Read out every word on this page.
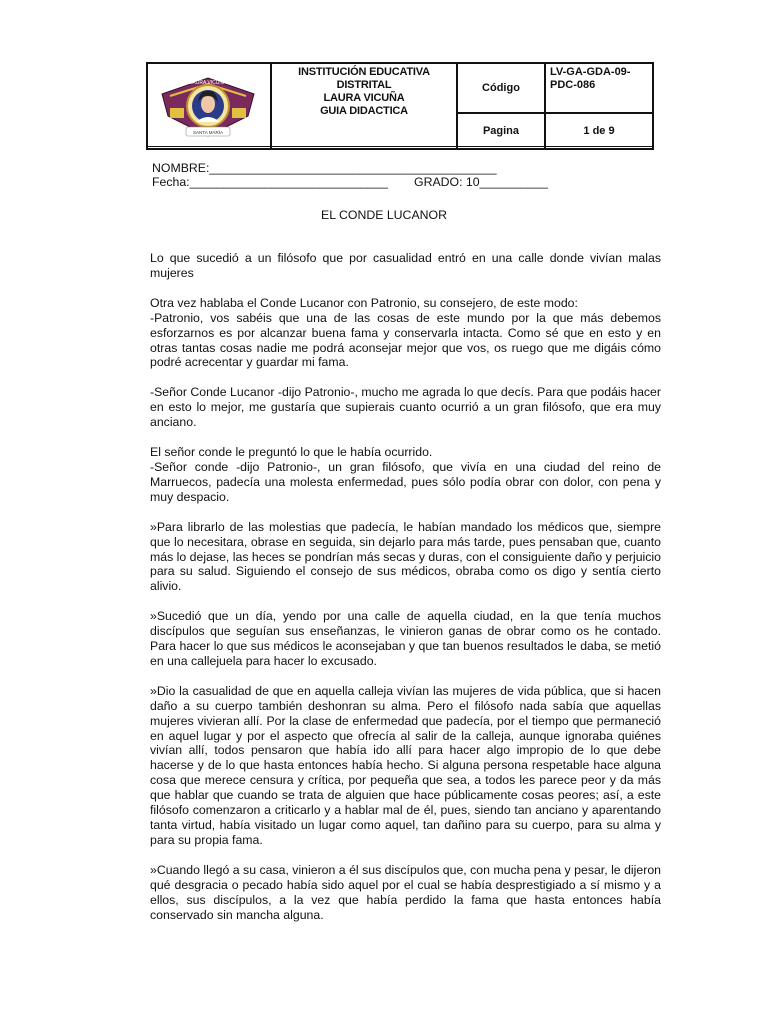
LAURA VICUÑA
SANTA MARÍA
INSTITUCIÓN EDUCATIVA
DISTRITAL
LAURA VICUÑA
GUIA DIDACTICA
Código
LV-GA-GDA-09-
PDC-086
Pagina	1 de 9
NOMBRE:__________________________________________
Fecha:_____________________________ GRADO: 10__________
EL CONDE LUCANOR

Lo que sucedió a un filósofo que por casualidad entró en una calle donde vivían malas mujeres

Otra vez hablaba el Conde Lucanor con Patronio, su consejero, de este modo:
-Patronio, vos sabéis que una de las cosas de este mundo por la que más debemos esforzarnos es por alcanzar buena fama y conservarla intacta. Como sé que en esto y en otras tantas cosas nadie me podrá aconsejar mejor que vos, os ruego que me digáis cómo podré acrecentar y guardar mi fama.

-Señor Conde Lucanor -dijo Patronio-, mucho me agrada lo que decís. Para que podáis hacer en esto lo mejor, me gustaría que supierais cuanto ocurrió a un gran filósofo, que era muy anciano.

El señor conde le preguntó lo que le había ocurrido.
-Señor conde -dijo Patronio-, un gran filósofo, que vivía en una ciudad del reino de Marruecos, padecía una molesta enfermedad, pues sólo podía obrar con dolor, con pena y muy despacio.

»Para librarlo de las molestias que padecía, le habían mandado los médicos que, siempre que lo necesitara, obrase en seguida, sin dejarlo para más tarde, pues pensaban que, cuanto más lo dejase, las heces se pondrían más secas y duras, con el consiguiente daño y perjuicio para su salud. Siguiendo el consejo de sus médicos, obraba como os digo y sentía cierto alivio.

»Sucedió que un día, yendo por una calle de aquella ciudad, en la que tenía muchos discípulos que seguían sus enseñanzas, le vinieron ganas de obrar como os he contado. Para hacer lo que sus médicos le aconsejaban y que tan buenos resultados le daba, se metió en una callejuela para hacer lo excusado.

»Dio la casualidad de que en aquella calleja vivían las mujeres de vida pública, que si hacen daño a su cuerpo también deshonran su alma. Pero el filósofo nada sabía que aquellas mujeres vivieran allí. Por la clase de enfermedad que padecía, por el tiempo que permaneció en aquel lugar y por el aspecto que ofrecía al salir de la calleja, aunque ignoraba quiénes vivían allí, todos pensaron que había ido allí para hacer algo impropio de lo que debe hacerse y de lo que hasta entonces había hecho. Si alguna persona respetable hace alguna cosa que merece censura y crítica, por pequeña que sea, a todos les parece peor y da más que hablar que cuando se trata de alguien que hace públicamente cosas peores; así, a este filósofo comenzaron a criticarlo y a hablar mal de él, pues, siendo tan anciano y aparentando tanta virtud, había visitado un lugar como aquel, tan dañino para su cuerpo, para su alma y para su propia fama.

»Cuando llegó a su casa, vinieron a él sus discípulos que, con mucha pena y pesar, le dijeron qué desgracia o pecado había sido aquel por el cual se había desprestigiado a sí mismo y a ellos, sus discípulos, a la vez que había perdido la fama que hasta entonces había conservado sin mancha alguna.
